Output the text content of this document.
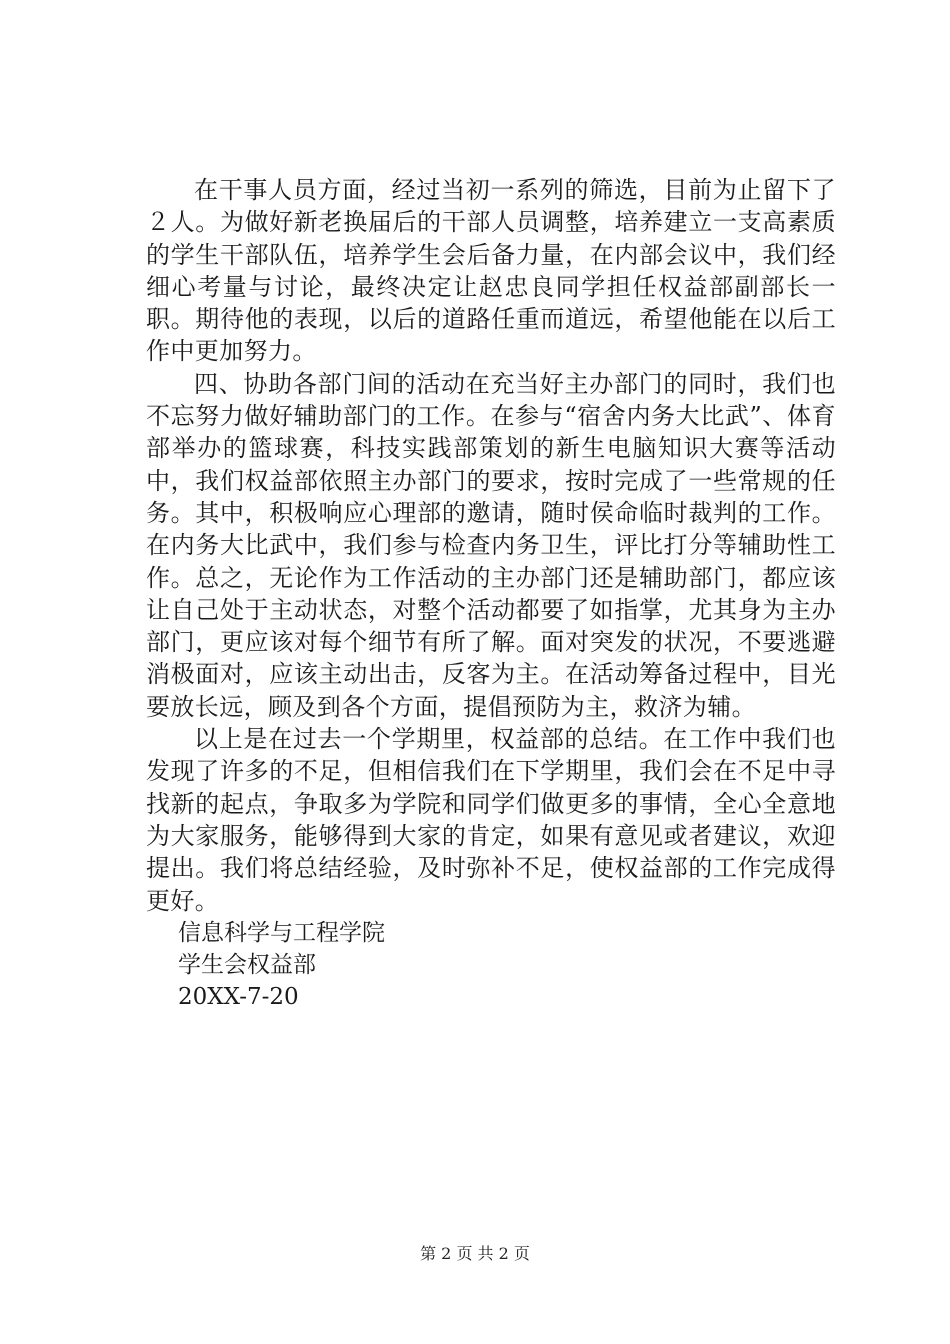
在干事人员方面，经过当初一系列的筛选，目前为止留下了２人。为做好新老换届后的干部人员调整，培养建立一支高素质的学生干部队伍，培养学生会后备力量，在内部会议中，我们经细心考量与讨论，最终决定让赵忠良同学担任权益部副部长一职。期待他的表现，以后的道路任重而道远，希望他能在以后工作中更加努力。

四、协助各部门间的活动在充当好主办部门的同时，我们也不忘努力做好辅助部门的工作。在参与“宿舍内务大比武”、体育部举办的篮球赛，科技实践部策划的新生电脑知识大赛等活动中，我们权益部依照主办部门的要求，按时完成了一些常规的任务。其中，积极响应心理部的邀请，随时侯命临时裁判的工作。在内务大比武中，我们参与检查内务卫生，评比打分等辅助性工作。总之，无论作为工作活动的主办部门还是辅助部门，都应该让自己处于主动状态，对整个活动都要了如指掌，尤其身为主办部门，更应该对每个细节有所了解。面对突发的状况，不要逃避消极面对，应该主动出击，反客为主。在活动筹备过程中，目光要放长远，顾及到各个方面，提倡预防为主，救济为辅。

以上是在过去一个学期里，权益部的总结。在工作中我们也发现了许多的不足，但相信我们在下学期里，我们会在不足中寻找新的起点，争取多为学院和同学们做更多的事情，全心全意地为大家服务，能够得到大家的肯定，如果有意见或者建议，欢迎提出。我们将总结经验，及时弥补不足，使权益部的工作完成得更好。

信息科学与工程学院

学生会权益部

20XX-7-20

第 2 页 共 2 页
